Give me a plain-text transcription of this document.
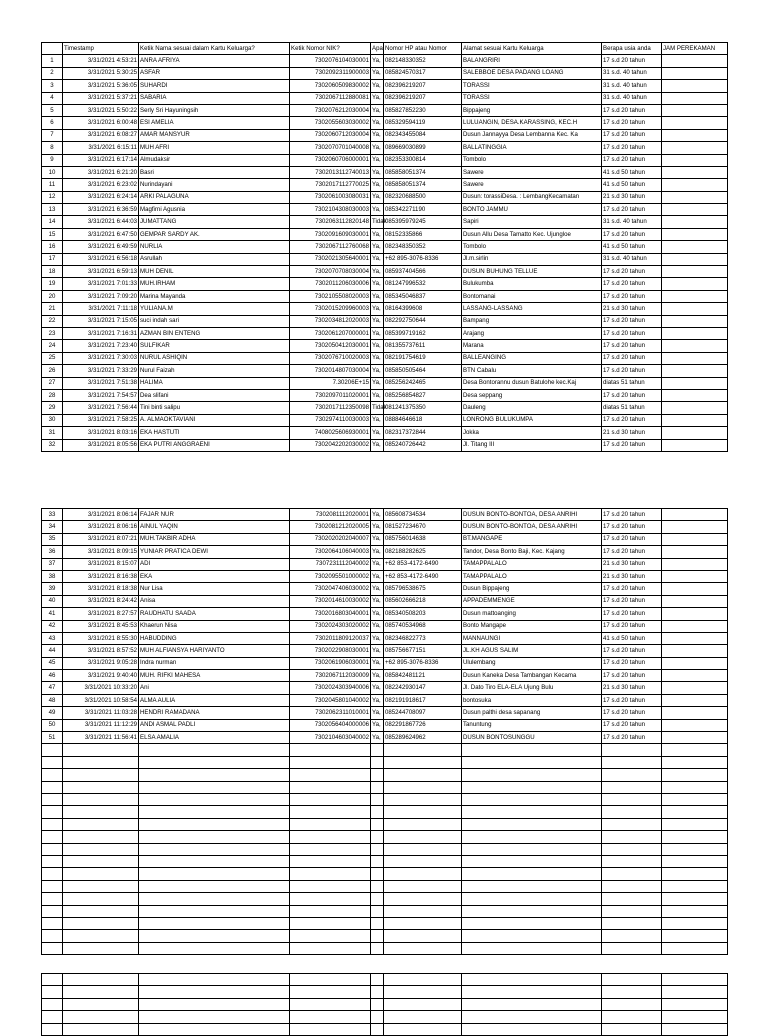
	Timestamp	Ketik Nama sesuai dalam Kartu Keluarga?	Ketik Nomor NIK?	Apa	Nomor HP atau Nomor	Alamat sesuai Kartu Keluarga	Berapa usia anda	JAM PEREKAMAN
1	3/31/2021 4:53:21	ANRA AFRIYA	7302076104030001	Ya,	082148330352	BALANGRIRI	17 s.d 20 tahun	
2	3/31/2021 5:30:25	ASFAR	7302092311900003	Ya,	085824570317	SALEBBOE DESA PADANG LOANG	31 s.d. 40 tahun	
3	3/31/2021 5:36:05	SUHARDI	7302060509830002	Ya,	082396219207	TORASSI	31 s.d. 40 tahun	
4	3/31/2021 5:37:21	SABARIA	7302067112880081	Ya,	082396219207	TORASSI	31 s.d. 40 tahun	
5	3/31/2021 5:50:22	Serly Sri Hayuningsih	7302076212030004	Ya,	085827852230	Bippajeng	17 s.d 20 tahun	
6	3/31/2021 6:00:48	ESI AMELIA	7302055603030002	Ya,	085329594119	LULUANGIN, DESA.KARASSING, KEC.H	17 s.d 20 tahun	
7	3/31/2021 6:08:27	AMAR MANSYUR	7302060712030004	Ya,	082343455084	Dusun Jannayya Desa Lembanna Kec. Ka	17 s.d 20 tahun	
8	3/31/2021 6:15:11	MUH AFRI	7302070701040008	Ya,	089669030899	BALLATINGGIA	17 s.d 20 tahun	
9	3/31/2021 6:17:14	Almudaksir	7302060706000001	Ya,	082353300814	Tombolo	17 s.d 20 tahun	
10	3/31/2021 6:21:20	Basri	7302013112740013	Ya,	085858051374	Sawere	41 s.d 50 tahun	
11	3/31/2021 6:23:02	Nurindayani	7302017112770025	Ya,	085858051374	Sawere	41 s.d 50 tahun	
12	3/31/2021 6:24:14	ARKI PALAGUNA	7302061003080031	Ya,	082320688500	Dusun: torassiDesa. : LembangKecamatan	21 s.d 30 tahun	
13	3/31/2021 6:36:59	Magfirni Agusnia	7302104308030003	Ya,	085342271190	BONTO JAMMU	17 s.d 20 tahun	
14	3/31/2021 6:44:03	JUMATTANG	7302063112820148	Tidak	085395979245	Sapiri	31 s.d. 40 tahun	
15	3/31/2021 6:47:50	GEMPAR SARDY AK.	7302091609030001	Ya,	08152335866	Dusun Allu Desa Tamatto Kec. Ujungloe	17 s.d 20 tahun	
16	3/31/2021 6:49:59	NURLIA	7302067112760068	Ya,	082348350352	Tombolo	41 s.d 50 tahun	
17	3/31/2021 6:56:18	Asrullah	7302021305640001	Ya,	+62 895-3076-8336	Jl.m.sirlin	31 s.d. 40 tahun	
18	3/31/2021 6:59:13	MUH DENIL	7302070708030004	Ya,	085937404566	DUSUN BUHUNG TELLUE	17 s.d 20 tahun	
19	3/31/2021 7:01:33	MUH.IRHAM	7302011206030006	Ya,	081247996532	Bulukumba	17 s.d 20 tahun	
20	3/31/2021 7:09:20	Marina Mayanda	7302105508020003	Ya,	085345046837	Bontomanai	17 s.d 20 tahun	
21	3/31/2021 7:11:18	YULIANA.M	7302015209960003	Ya,	08164399608	LASSANG-LASSANG	21 s.d 30 tahun	
22	3/31/2021 7:15:05	suci indah sari	7302034812020003	Ya,	082292750644	Bampang	17 s.d 20 tahun	
23	3/31/2021 7:16:31	AZMAN BIN ENTENG	7302061207000001	Ya,	085399719162	Arajang	17 s.d 20 tahun	
24	3/31/2021 7:23:40	SULFIKAR	7302050412030001	Ya,	081355737611	Marana	17 s.d 20 tahun	
25	3/31/2021 7:30:03	NURUL ASHIQIN	7302076710020003	Ya,	082191754619	BALLEANGING	17 s.d 20 tahun	
26	3/31/2021 7:33:29	Nurul Faizah	7302014807030004	Ya,	085850505464	BTN Cabalu	17 s.d 20 tahun	
27	3/31/2021 7:51:38	HALIMA	7.30206E+15	Ya,	085256242465	Desa Bontorannu dusun Batulohe kec.Kaj	diatas 51 tahun	
28	3/31/2021 7:54:57	Dea slifani	7302097011020001	Ya,	085256854827	Desa seppang	17 s.d 20 tahun	
29	3/31/2021 7:56:44	Tini binti salipu	7302017112350098	Tidak	081241375350	Dauleng	diatas 51 tahun	
30	3/31/2021 7:58:25	A. ALMAOKTAVIANI	7302974110030003	Ya,	08884646618	LONRONG BULUKUMPA	17 s.d 20 tahun	
31	3/31/2021 8:03:16	EKA HASTUTI	7408025606930001	Ya,	082317372844	Jokka	21 s.d 30 tahun	
32	3/31/2021 8:05:56	EKA PUTRI ANGGRAENI	7302042202030002	Ya,	085240726442	Jl. Titang III	17 s.d 20 tahun	
33	3/31/2021 8:06:14	FAJAR NUR	7302081112020001	Ya,	085608734534	DUSUN BONTO-BONTOA, DESA ANRIHI	17 s.d 20 tahun	
34	3/31/2021 8:06:16	AINUL YAQIN	7302081212020005	Ya,	081527234670	DUSUN BONTO-BONTOA, DESA ANRIHI	17 s.d 20 tahun	
35	3/31/2021 8:07:21	MUH.TAKBIR ADHA	7302020202040007	Ya,	085756014638	BT.MANGAPE	17 s.d 20 tahun	
36	3/31/2021 8:09:15	YUNIAR PRATICA DEWI	7302064106040003	Ya,	082188282625	Tandor, Desa Bonto Baji, Kec. Kajang	17 s.d 20 tahun	
37	3/31/2021 8:15:07	ADI	7307231112040002	Ya,	+62 853-4172-6490	TAMAPPALALO	21 s.d 30 tahun	
38	3/31/2021 8:16:38	EKA	7302095501000002	Ya,	+62 853-4172-6490	TAMAPPALALO	21 s.d 30 tahun	
39	3/31/2021 8:18:38	Nur Lisa	7302047406030002	Ya,	085796538675	Dusun Bippajeng	17 s.d 20 tahun	
40	3/31/2021 8:24:42	Anisa	7302014610030002	Ya,	085602666218	APPADEMMENGE	17 s.d 20 tahun	
41	3/31/2021 8:27:57	RAUDHATU SAADA	7302016803040001	Ya,	085340508203	Dusun mattoanging	17 s.d 20 tahun	
42	3/31/2021 8:45:53	Khaerun Nisa	7302024303020002	Ya,	085740534968	Bonto Mangape	17 s.d 20 tahun	
43	3/31/2021 8:55:30	HABUDDING	7302011809120037	Ya,	082346822773	MANNAUNGI	41 s.d 50 tahun	
44	3/31/2021 8:57:52	MUH ALFIANSYA HARIYANTO	7302022908030001	Ya,	085756677151	JL.KH AGUS SALIM	17 s.d 20 tahun	
45	3/31/2021 9:05:28	Indra nurman	7302061906030001	Ya,	+62 895-3076-8336	Ululembang	17 s.d 20 tahun	
46	3/31/2021 9:40:40	MUH. RIFKI MAHESA	7302067112030009	Ya,	085842481121	Dusun Kaneka Desa Tambangan Kecama	17 s.d 20 tahun	
47	3/31/2021 10:33:20	Ani	7302024303940006	Ya,	082242930147	Jl. Dato Tiro ELA-ELA Ujung Bulu	21 s.d 30 tahun	
48	3/31/2021 10:58:54	ALMA AULIA	7302045801040002	Ya,	082191918617	bontosuka	17 s.d 20 tahun	
49	3/31/2021 11:03:28	HENDRI RAMADANA	7302062311010001	Ya,	085244708097	Dusun palthi desa sapanang	17 s.d 20 tahun	
50	3/31/2021 11:12:29	ANDI ASMAL PADLI	7302056404000006	Ya,	082291867726	Tanuntung	17 s.d 20 tahun	
51	3/31/2021 11:56:41	ELSA AMALIA	7302104603040002	Ya,	085289624962	DUSUN BONTOSUNGGU	17 s.d 20 tahun	
